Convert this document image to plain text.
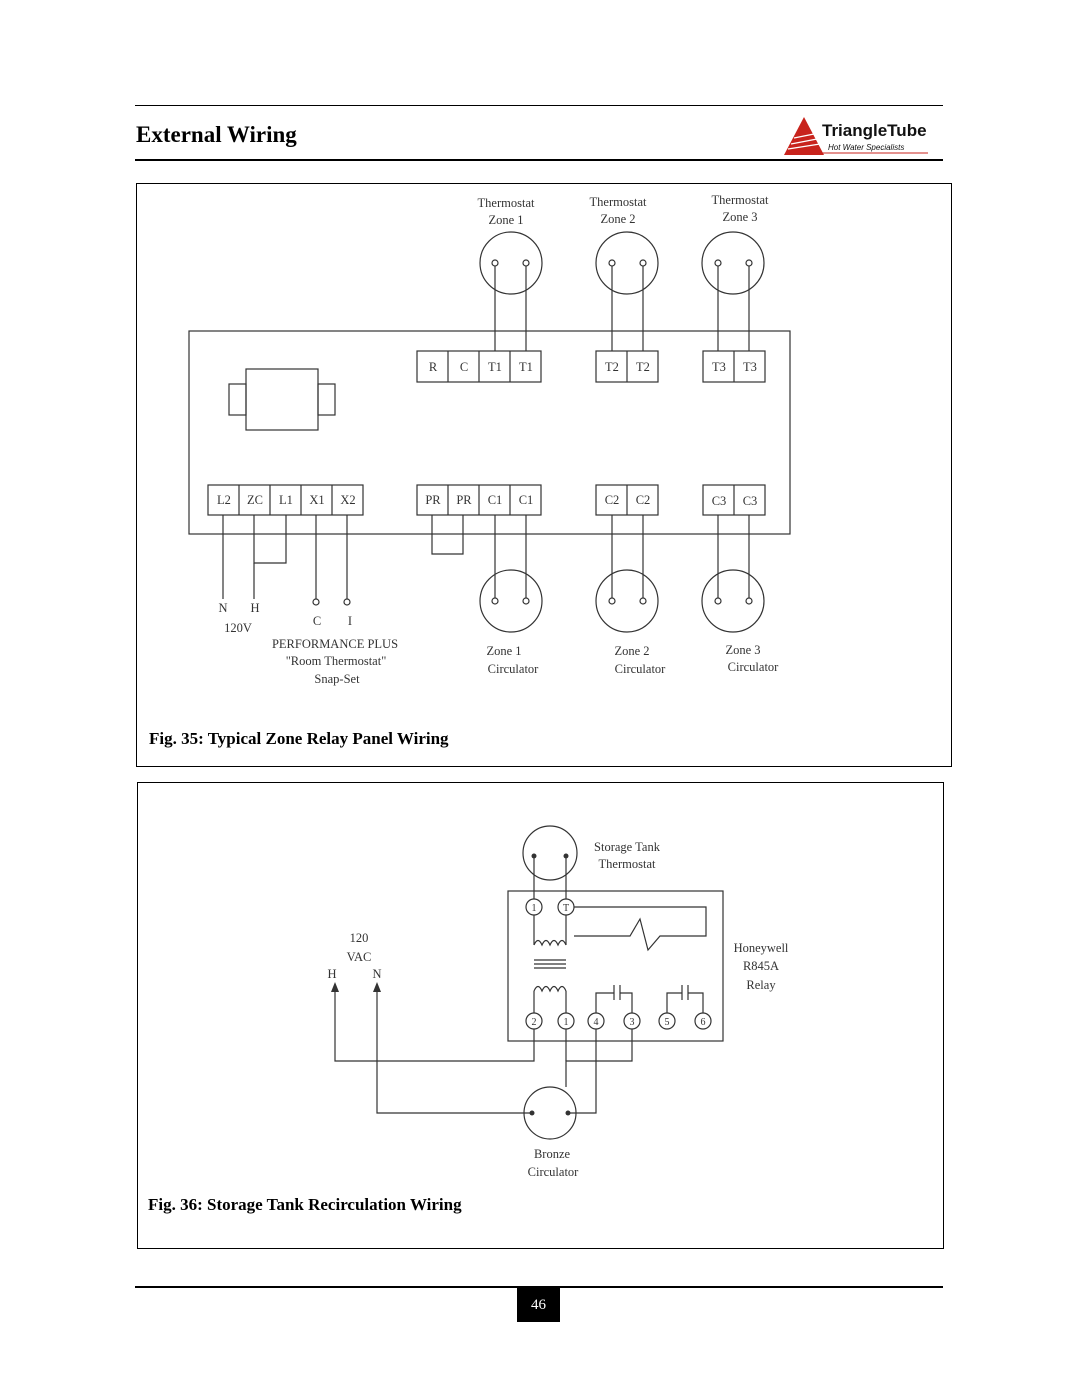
External Wiring	TriangleTube
Hot Water Specialists
Thermostat
Zone 1
Thermostat
Zone 2
Thermostat
Zone 3
R C T1 T1	T2 T2	T3 T3
L2 ZC L1 X1 X2	PR PR C1 C1	C2 C2	C3 C3
N H
120V	C I
PERFORMANCE PLUS
"Room Thermostat"
Snap-Set
Zone 1
Circulator
Zone 2
Circulator
Zone 3
Circulator
Fig. 35: Typical Zone Relay Panel Wiring
1	T
2	1	4	3	5	6
Storage Tank
Thermostat
120
VAC
H	N
Honeywell
R845A
Relay
Bronze
Circulator
Fig. 36: Storage Tank Recirculation Wiring
46
